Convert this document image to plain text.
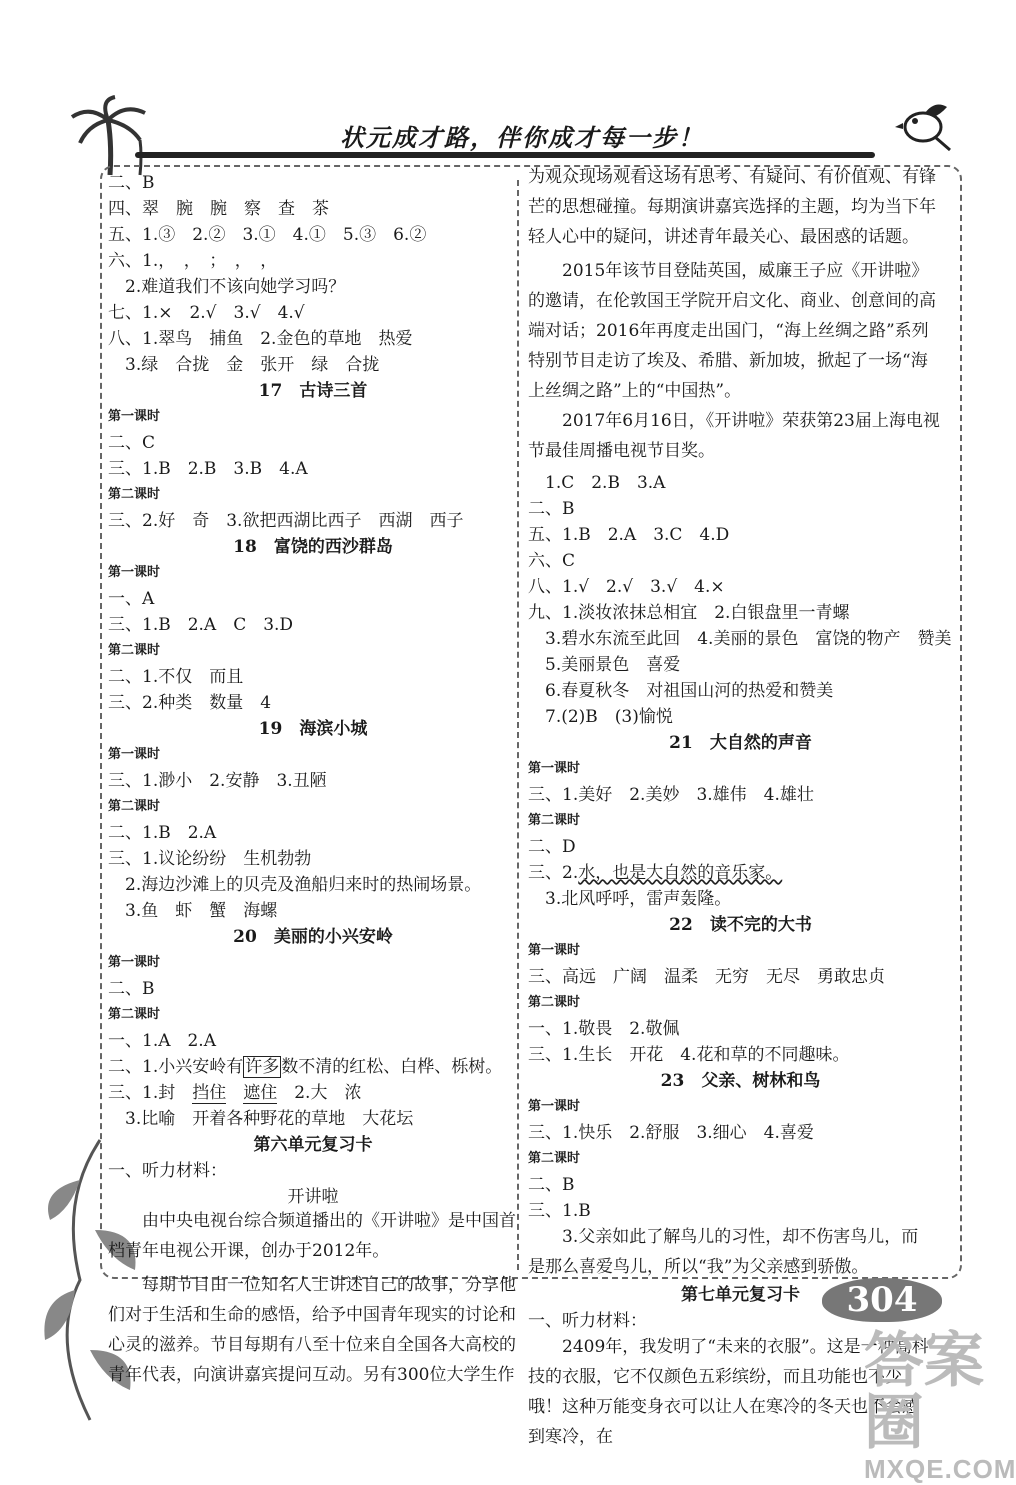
状元成才路，伴你成才每一步！
二、B
四、翠　腕　腕　察　查　茶
五、1.③　2.②　3.①　4.①　5.③　6.②
六、1.，　，　；　，　，
　2.难道我们不该向她学习吗？
七、1.×　2.√　3.√　4.√
八、1.翠鸟　捕鱼　2.金色的草地　热爱
　3.绿　合拢　金　张开　绿　合拢
17　古诗三首
第一课时
二、C
三、1.B　2.B　3.B　4.A
第二课时
三、2.好　奇　3.欲把西湖比西子　西湖　西子
18　富饶的西沙群岛
第一课时
一、A
三、1.B　2.A　C　3.D
第二课时
二、1.不仅　而且
三、2.种类　数量　4
19　海滨小城
第一课时
三、1.渺小　2.安静　3.丑陋
第二课时
二、1.B　2.A
三、1.议论纷纷　生机勃勃
　2.海边沙滩上的贝壳及渔船归来时的热闹场景。
　3.鱼　虾　蟹　海螺
20　美丽的小兴安岭
第一课时
二、B
第二课时
一、1.A　2.A
二、1.小兴安岭有 许多 数不清的红松、白桦、栎树。
三、1.封　挡住　 遮住　2.大　浓
　3.比喻　开着各种野花的草地　大花坛
第六单元复习卡
一、听力材料：
开讲啦
由中央电视台综合频道播出的《开讲啦》是中国首档青年电视公开课，创办于2012年。
每期节目由一位知名人士讲述自己的故事，分享他们对于生活和生命的感悟，给予中国青年现实的讨论和心灵的滋养。节目每期有八至十位来自全国各大高校的青年代表，向演讲嘉宾提问互动。另有300位大学生作
为观众现场观看这场有思考、有疑问、有价值观、有锋芒的思想碰撞。每期演讲嘉宾选择的主题，均为当下年轻人心中的疑问，讲述青年最关心、最困惑的话题。
2015年该节目登陆英国，威廉王子应《开讲啦》的邀请，在伦敦国王学院开启文化、商业、创意间的高端对话；2016年再度走出国门，“海上丝绸之路”系列特别节目走访了埃及、希腊、新加坡，掀起了一场“海上丝绸之路”上的“中国热”。
2017年6月16日，《开讲啦》荣获第23届上海电视节最佳周播电视节目奖。
　1.C　2.B　3.A
二、B
五、1.B　2.A　3.C　4.D
六、C
八、1.√　2.√　3.√　4.×
九、1.淡妆浓抹总相宜　2.白银盘里一青螺
　3.碧水东流至此回　4.美丽的景色　富饶的物产　赞美
　5.美丽景色　喜爱
　6.春夏秋冬　对祖国山河的热爱和赞美
　7.(2)B　(3)愉悦
21　大自然的声音
第一课时
三、1.美好　2.美妙　3.雄伟　4.雄壮
第二课时
二、D
三、2.水，也是大自然的音乐家。
　3.北风呼呼，雷声轰隆。
22　读不完的大书
第一课时
三、高远　广阔　温柔　无穷　无尽　勇敢忠贞
第二课时
一、1.敬畏　2.敬佩
三、1.生长　开花　4.花和草的不同趣味。
23　父亲、树林和鸟
第一课时
三、1.快乐　2.舒服　3.细心　4.喜爱
第二课时
二、B
三、1.B
3.父亲如此了解鸟儿的习性，却不伤害鸟儿，而是那么喜爱鸟儿，所以“我”为父亲感到骄傲。
第七单元复习卡
一、听力材料：
2409年，我发明了“未来的衣服”。这是一种高科技的衣服，它不仅颜色五彩缤纷，而且功能也不少哦！这种万能变身衣可以让人在寒冷的冬天也不会感到寒冷，在
304
答案圈
MXQE.COM
